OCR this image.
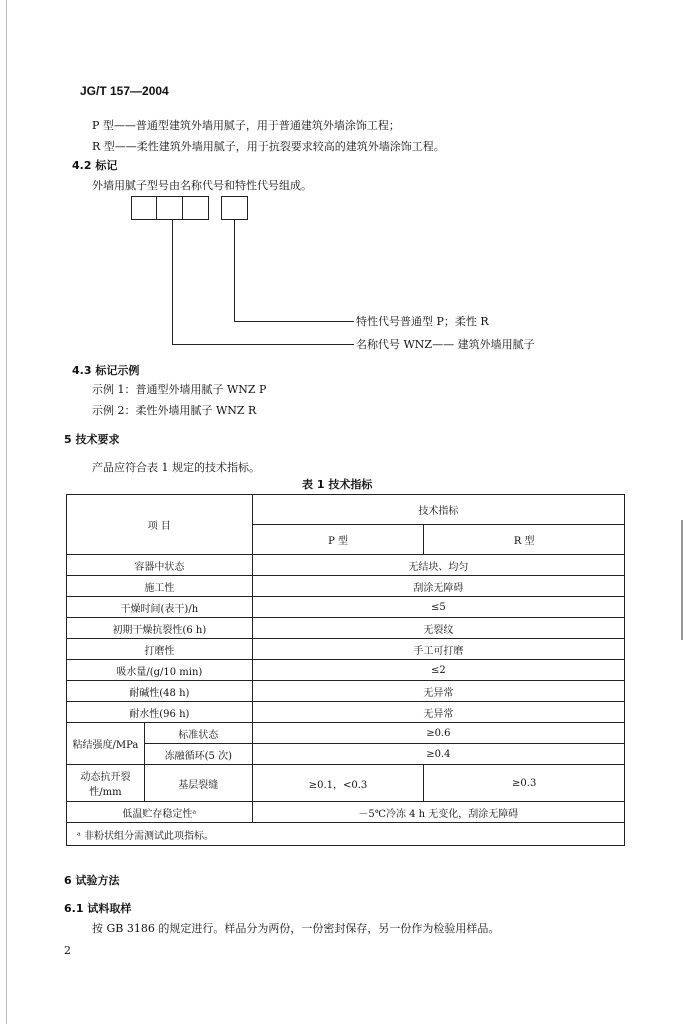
JG/T 157—2004
P 型——普通型建筑外墙用腻子，用于普通建筑外墙涂饰工程；
R 型——柔性建筑外墙用腻子，用于抗裂要求较高的建筑外墙涂饰工程。
4.2 标记
外墙用腻子型号由名称代号和特性代号组成。
特性代号普通型 P；柔性 R
名称代号 WNZ—— 建筑外墙用腻子
4.3 标记示例
示例 1：普通型外墙用腻子 WNZ P
示例 2：柔性外墙用腻子 WNZ R
5 技术要求
产品应符合表 1 规定的技术指标。
表 1 技术指标
项 目		技术指标	
		P 型	R 型
容器中状态		无结块、均匀	
施工性		刮涂无障碍	
干燥时间(表干)/h		≤5	
初期干燥抗裂性(6 h)		无裂纹	
打磨性		手工可打磨	
吸水量/(g/10 min)		≤2	
耐碱性(48 h)		无异常	
耐水性(96 h)		无异常	
粘结强度/MPa	标准状态	≥0.6	
	冻融循环(5 次)	≥0.4	
动态抗开裂性/mm	基层裂缝	≥0.1，<0.3	≥0.3
低温贮存稳定性ᵃ		－5℃冷冻 4 h 无变化，刮涂无障碍	
ᵃ 非粉状组分需测试此项指标。			
6 试验方法
6.1 试料取样
按 GB 3186 的规定进行。样品分为两份，一份密封保存，另一份作为检验用样品。
2
